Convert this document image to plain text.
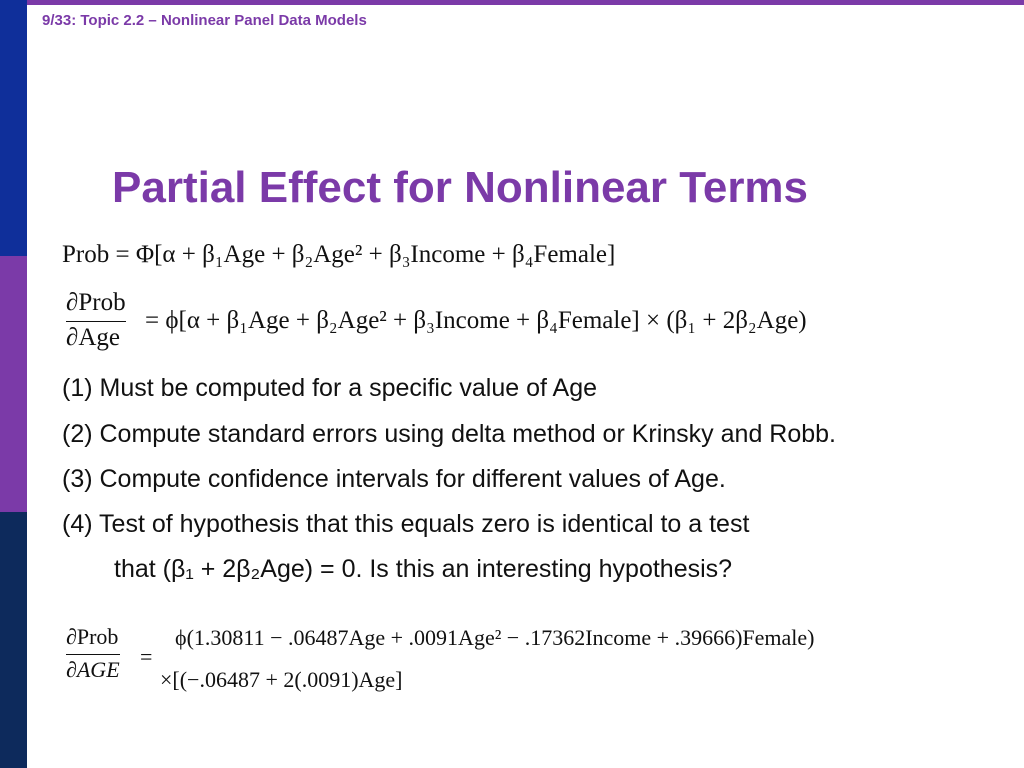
9/33: Topic 2.2 – Nonlinear Panel Data Models
Partial Effect for Nonlinear Terms
Prob = Φ[α + β₁Age + β₂Age² + β₃Income + β₄Female]
∂Prob
∂Age
= ϕ[α + β₁Age + β₂Age² + β₃Income + β₄Female] × (β₁ + 2β₂Age)
(1) Must be computed for a specific value of Age
(2) Compute standard errors using delta method or Krinsky and Robb.
(3) Compute confidence intervals for different values of Age.
(4) Test of hypothesis that this equals zero is identical to a test
that (β₁ + 2β₂Age) = 0. Is this an interesting hypothesis?
∂Prob
∂AGE
=
ϕ(1.30811 − .06487Age + .0091Age² − .17362Income + .39666)Female)
×[(−.06487 + 2(.0091)Age]
